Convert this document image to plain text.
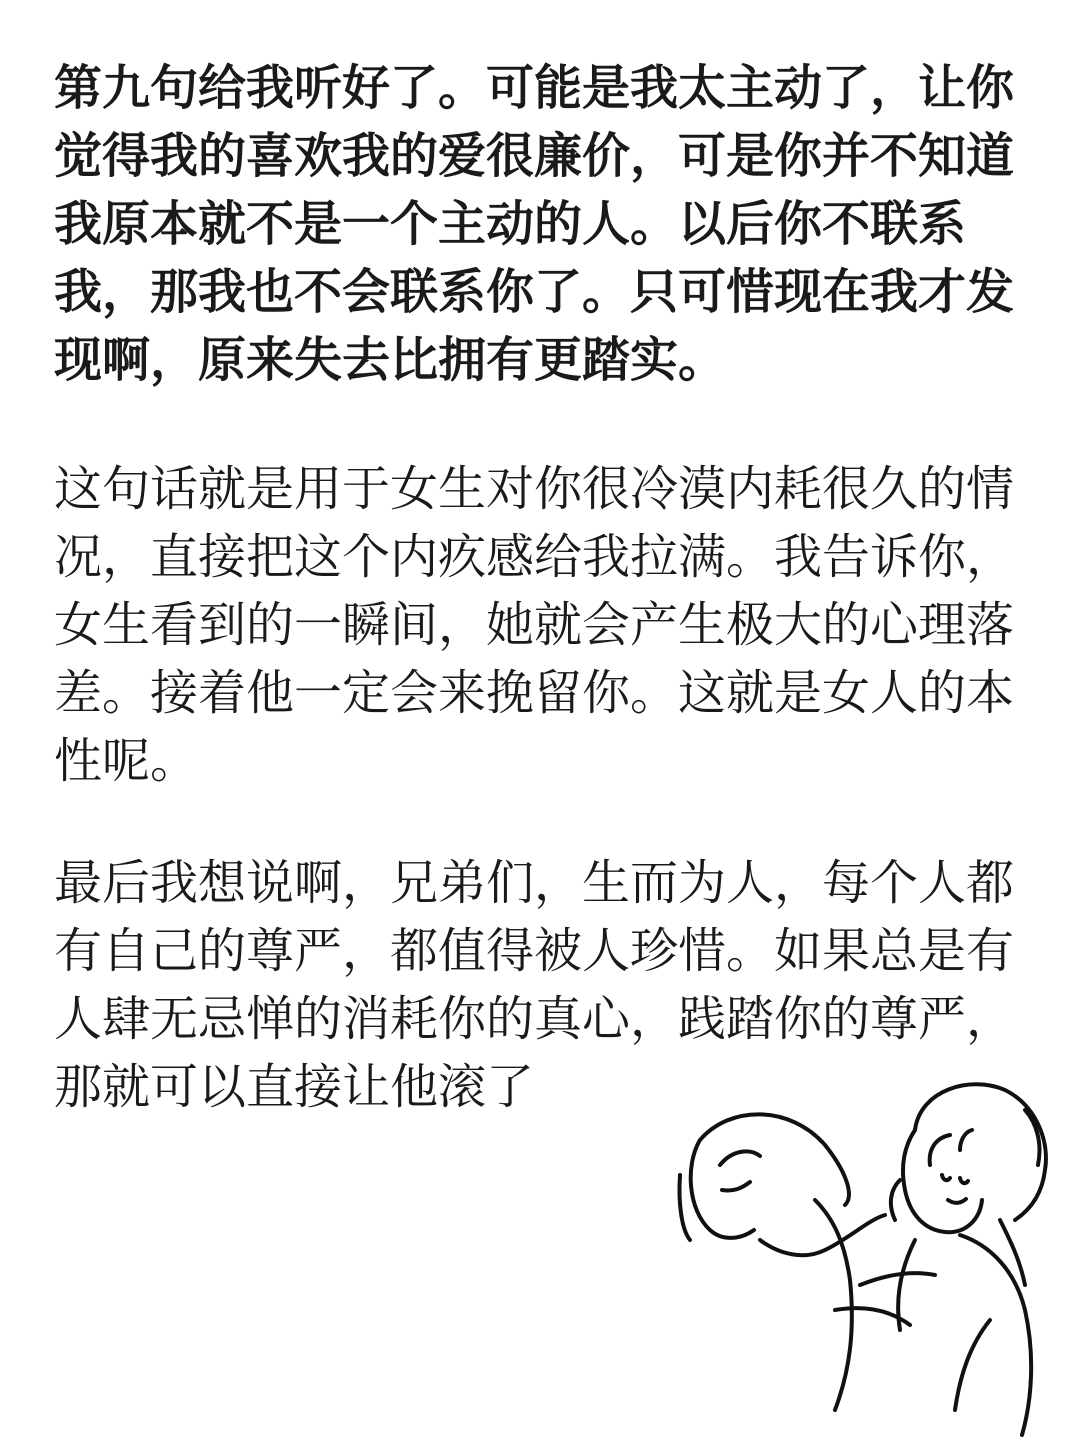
第九句给我听好了。可能是我太主动了，让你
觉得我的喜欢我的爱很廉价，可是你并不知道
我原本就不是一个主动的人。以后你不联系
我，那我也不会联系你了。只可惜现在我才发
现啊，原来失去比拥有更踏实。

这句话就是用于女生对你很冷漠内耗很久的情
况，直接把这个内疚感给我拉满。我告诉你，
女生看到的一瞬间，她就会产生极大的心理落
差。接着他一定会来挽留你。这就是女人的本
性呢。

最后我想说啊，兄弟们，生而为人，每个人都
有自己的尊严，都值得被人珍惜。如果总是有
人肆无忌惮的消耗你的真心，践踏你的尊严，
那就可以直接让他滚了
